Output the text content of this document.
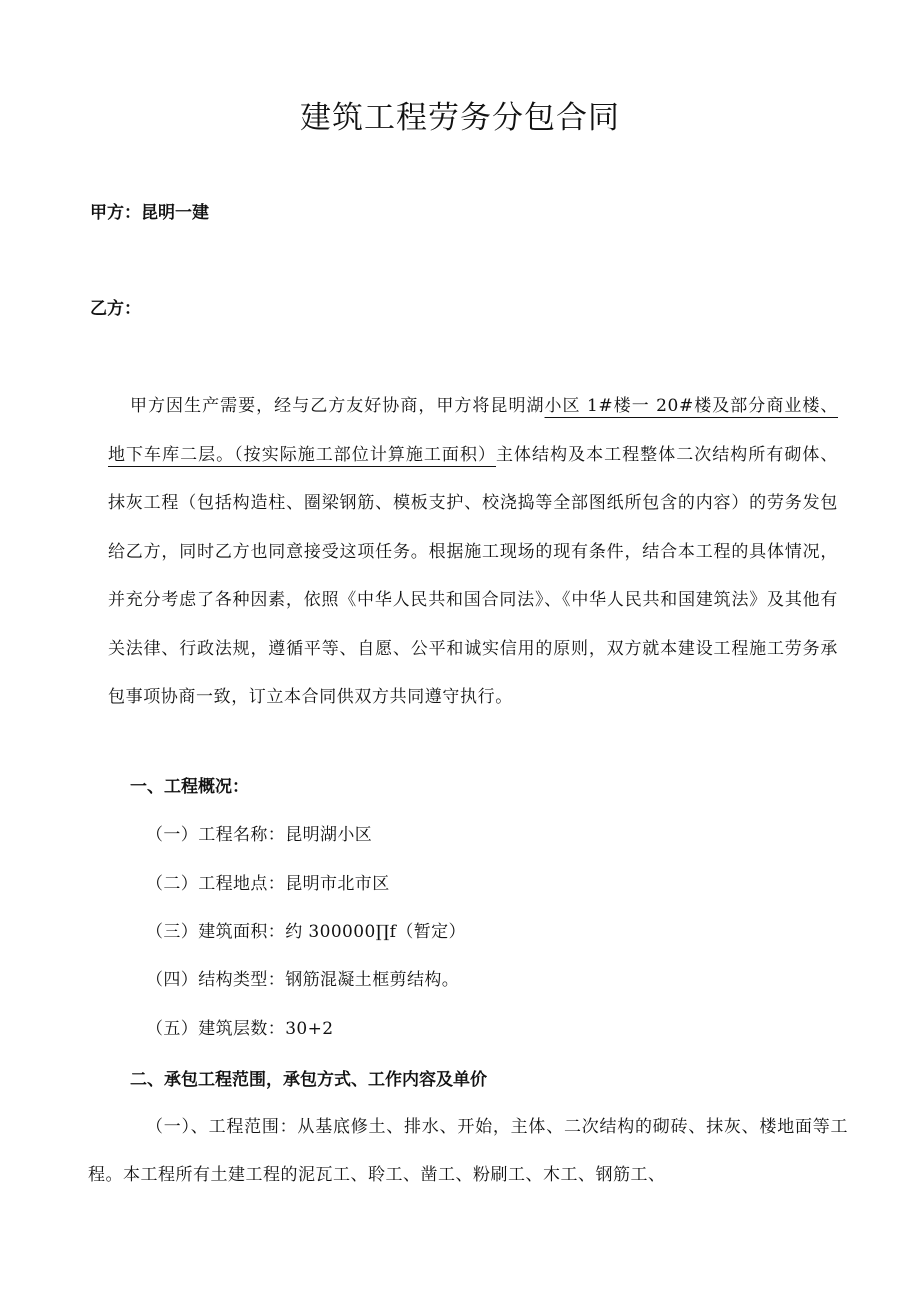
建筑工程劳务分包合同

甲方：昆明一建

乙方：

甲方因生产需要，经与乙方友好协商，甲方将昆明湖小区 1#楼一 20#楼及部分商业楼、地下车库二层。（按实际施工部位计算施工面积）主体结构及本工程整体二次结构所有砌体、抹灰工程（包括构造柱、圈梁钢筋、模板支护、校浇捣等全部图纸所包含的内容）的劳务发包给乙方，同时乙方也同意接受这项任务。根据施工现场的现有条件，结合本工程的具体情况，并充分考虑了各种因素，依照《中华人民共和国合同法》、《中华人民共和国建筑法》及其他有关法律、行政法规，遵循平等、自愿、公平和诚实信用的原则，双方就本建设工程施工劳务承包事项协商一致，订立本合同供双方共同遵守执行。

一、工程概况：

（一）工程名称：昆明湖小区

（二）工程地点：昆明市北市区

（三）建筑面积：约 300000∏f（暂定）

（四）结构类型：钢筋混凝土框剪结构。

（五）建筑层数：30+2

二、承包工程范围，承包方式、工作内容及单价

（一）、工程范围：从基底修土、排水、开始，主体、二次结构的砌砖、抹灰、楼地面等工程。本工程所有土建工程的泥瓦工、聆工、凿工、粉刷工、木工、钢筋工、
